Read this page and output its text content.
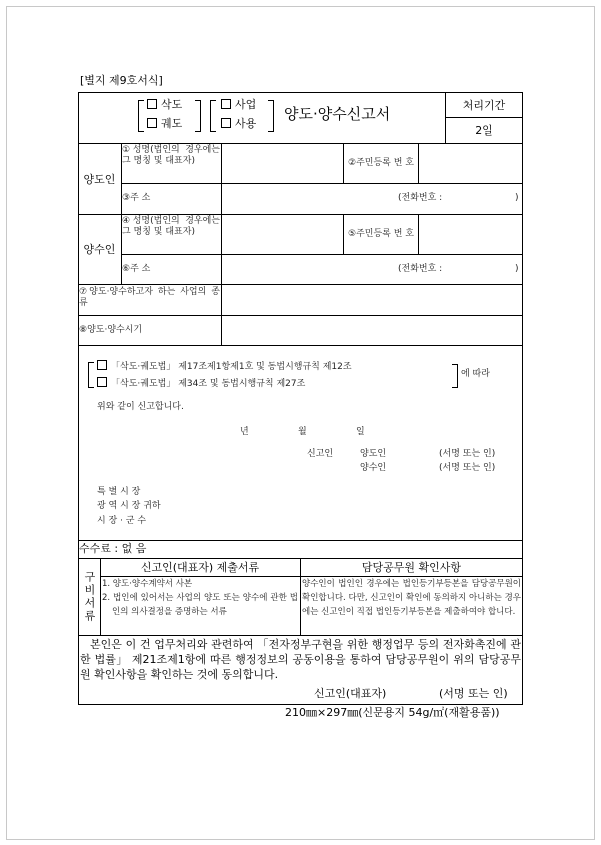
[별지 제9호서식]
삭도
궤도
사업
사용
양도·양수신고서	처리기간
2일
양도인
①성명(법인의 경우에는 그 명칭 및 대표자)	②주민등록 번 호
③주 소	(전화번호 :	)
양수인
④성명(법인의 경우에는 그 명칭 및 대표자)	⑤주민등록 번 호
⑥주 소	(전화번호 :	)
⑦양도·양수하고자 하는 사업의 종류
⑧양도·양수시기
「삭도·궤도법」 제17조제1항제1호 및 동법시행규칙 제12조
「삭도·궤도법」 제34조 및 동법시행규칙 제27조
에 따라
위와 같이 신고합니다.
년	월	일
신고인	양도인	(서명 또는 인)
양수인	(서명 또는 인)
특 별 시 장
광 역 시 장 귀하
시 장 · 군 수
수수료 : 없 음
구비서류
신고인(대표자) 제출서류	담당공무원 확인사항
1. 양도·양수계약서 사본
2. 법인에 있어서는 사업의 양도 또는 양수에 관한 법인의 의사결정을 증명하는 서류
양수인이 법인인 경우에는 법인등기부등본을 담당공무원이 확인합니다. 다만, 신고인이 확인에 동의하지 아니하는 경우에는 신고인이 직접 법인등기부등본을 제출하여야 합니다.
본인은 이 건 업무처리와 관련하여 「전자정부구현을 위한 행정업무 등의 전자화촉진에 관한 법률」 제21조제1항에 따른 행정정보의 공동이용을 통하여 담당공무원이 위의 담당공무원 확인사항을 확인하는 것에 동의합니다.
신고인(대표자)	(서명 또는 인)
210㎜×297㎜(신문용지 54g/㎡(재활용품))
